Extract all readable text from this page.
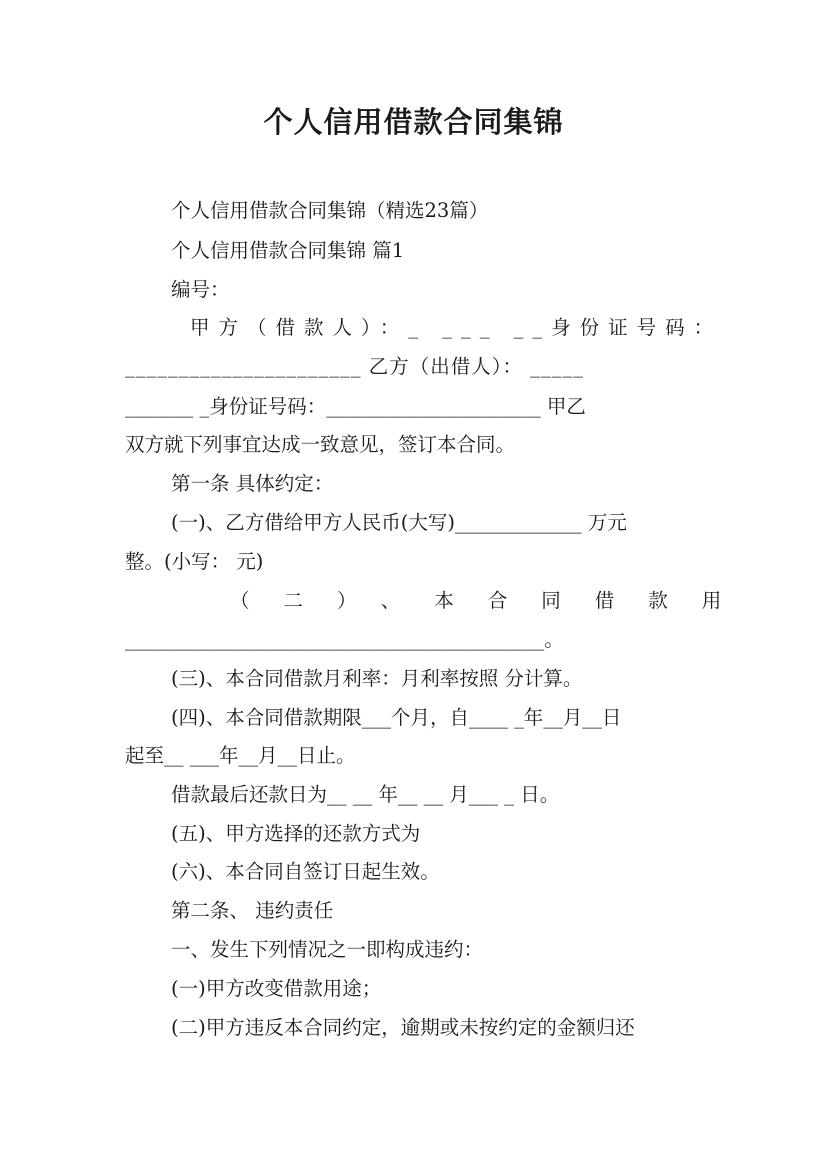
个人信用借款合同集锦
个人信用借款合同集锦（精选23篇）
个人信用借款合同集锦 篇1
编号：
甲方（借款人）：_ ___ __身份证号码：
______________________ 乙方（出借人）： _____
_______ _身份证号码：______________________ 甲乙
双方就下列事宜达成一致意见，签订本合同。
第一条 具体约定：
(一)、乙方借给甲方人民币(大写)_____________ 万元
整。(小写： 元)
（二）、本合同借款用
___________________________________________。
(三)、本合同借款月利率：月利率按照 分计算。
(四)、本合同借款期限___个月，自____ _年__月__日
起至__ ___年__月__日止。
借款最后还款日为__ __ 年__ __ 月___ _ 日。
(五)、甲方选择的还款方式为
(六)、本合同自签订日起生效。
第二条、 违约责任
一、发生下列情况之一即构成违约：
(一)甲方改变借款用途；
(二)甲方违反本合同约定，逾期或未按约定的金额归还
